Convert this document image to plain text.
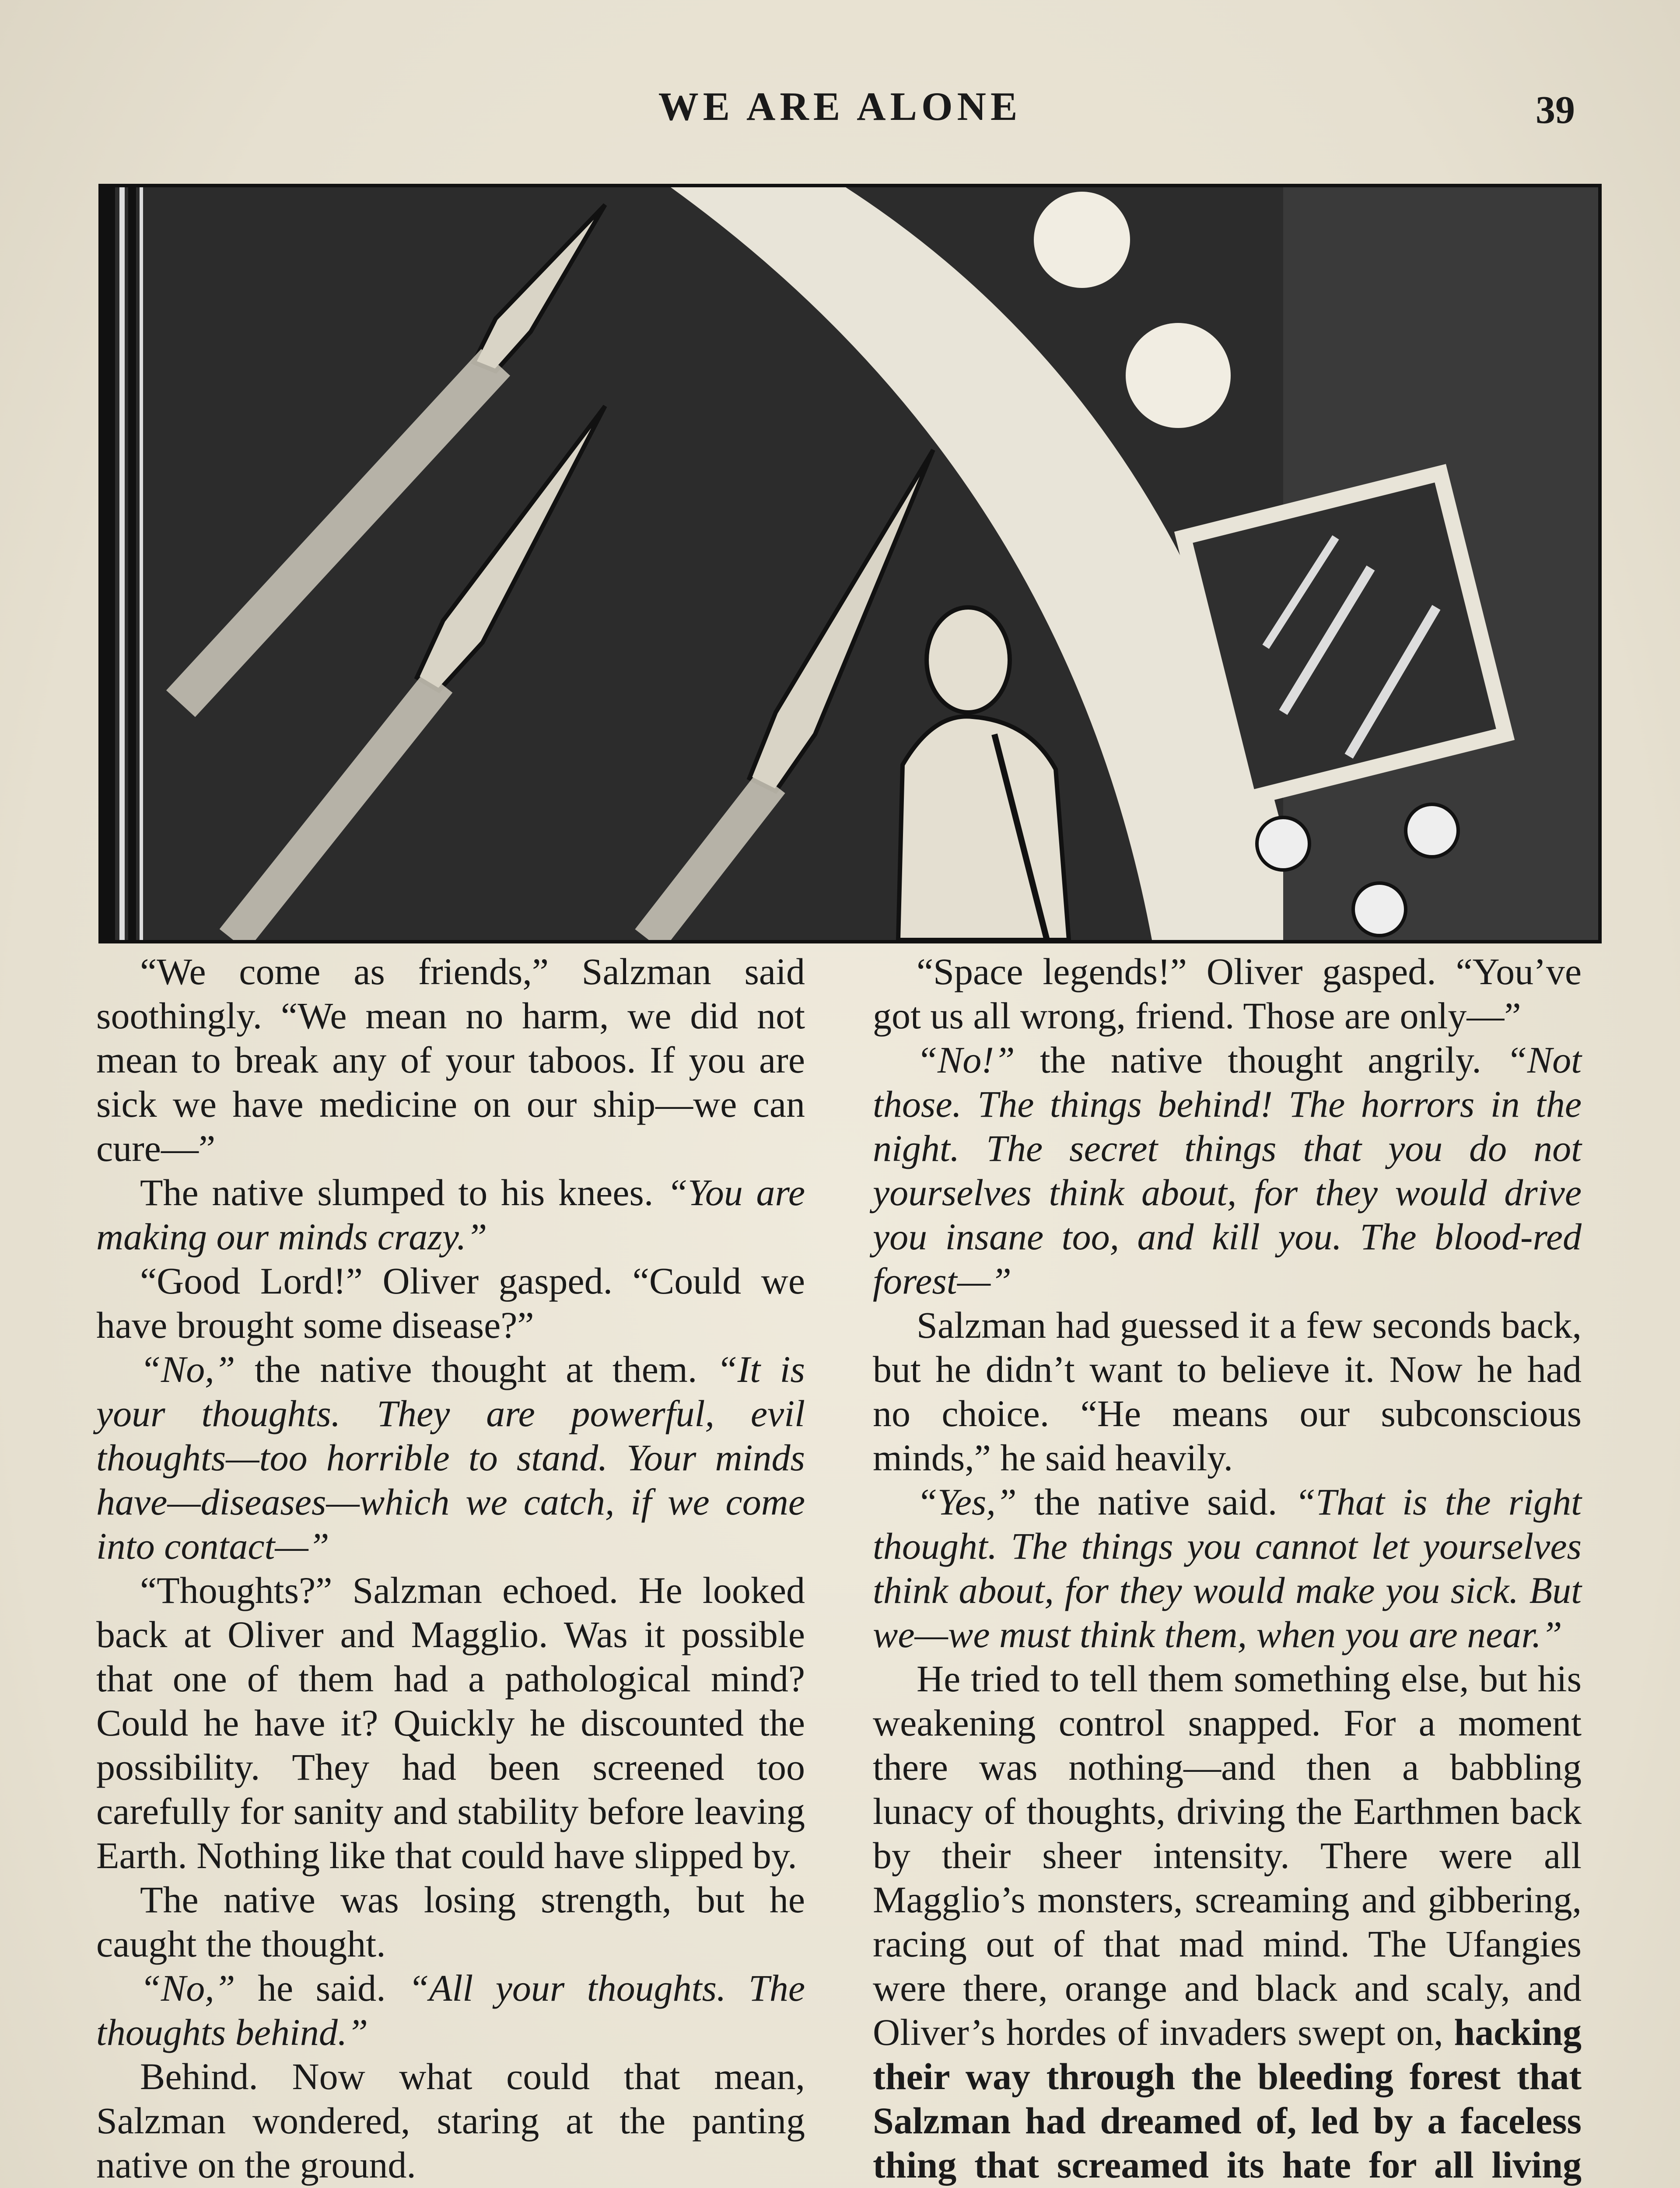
WE ARE ALONE	39

“We come as friends,” Salzman said soothingly. “We mean no harm, we did not mean to break any of your taboos. If you are sick we have medicine on our ship—we can cure—”

The native slumped to his knees. “You are making our minds crazy.”

“Good Lord!” Oliver gasped. “Could we have brought some disease?”

“No,” the native thought at them. “It is your thoughts. They are powerful, evil thoughts—too horrible to stand. Your minds have—diseases—which we catch, if we come into contact—”

“Thoughts?” Salzman echoed. He looked back at Oliver and Magglio. Was it possible that one of them had a pathological mind? Could he have it? Quickly he discounted the possibility. They had been screened too carefully for sanity and stability before leaving Earth. Nothing like that could have slipped by.

The native was losing strength, but he caught the thought.

“No,” he said. “All your thoughts. The thoughts behind.”

Behind. Now what could that mean, Salzman wondered, staring at the panting native on the ground.

“Space legends!” Oliver gasped. “You’ve got us all wrong, friend. Those are only—”

“No!” the native thought angrily. “Not those. The things behind! The horrors in the night. The secret things that you do not yourselves think about, for they would drive you insane too, and kill you. The blood-red forest—”

Salzman had guessed it a few seconds back, but he didn’t want to believe it. Now he had no choice. “He means our subconscious minds,” he said heavily.

“Yes,” the native said. “That is the right thought. The things you cannot let yourselves think about, for they would make you sick. But we—we must think them, when you are near.”

He tried to tell them something else, but his weakening control snapped. For a moment there was nothing—and then a babbling lunacy of thoughts, driving the Earthmen back by their sheer intensity. There were all Magglio’s monsters, screaming and gibbering, racing out of that mad mind. The Ufangies were there, orange and black and scaly, and Oliver’s hordes of invaders swept on, hacking their way through the bleeding forest that Salzman had dreamed of, led by a faceless thing that screamed its hate for all living
